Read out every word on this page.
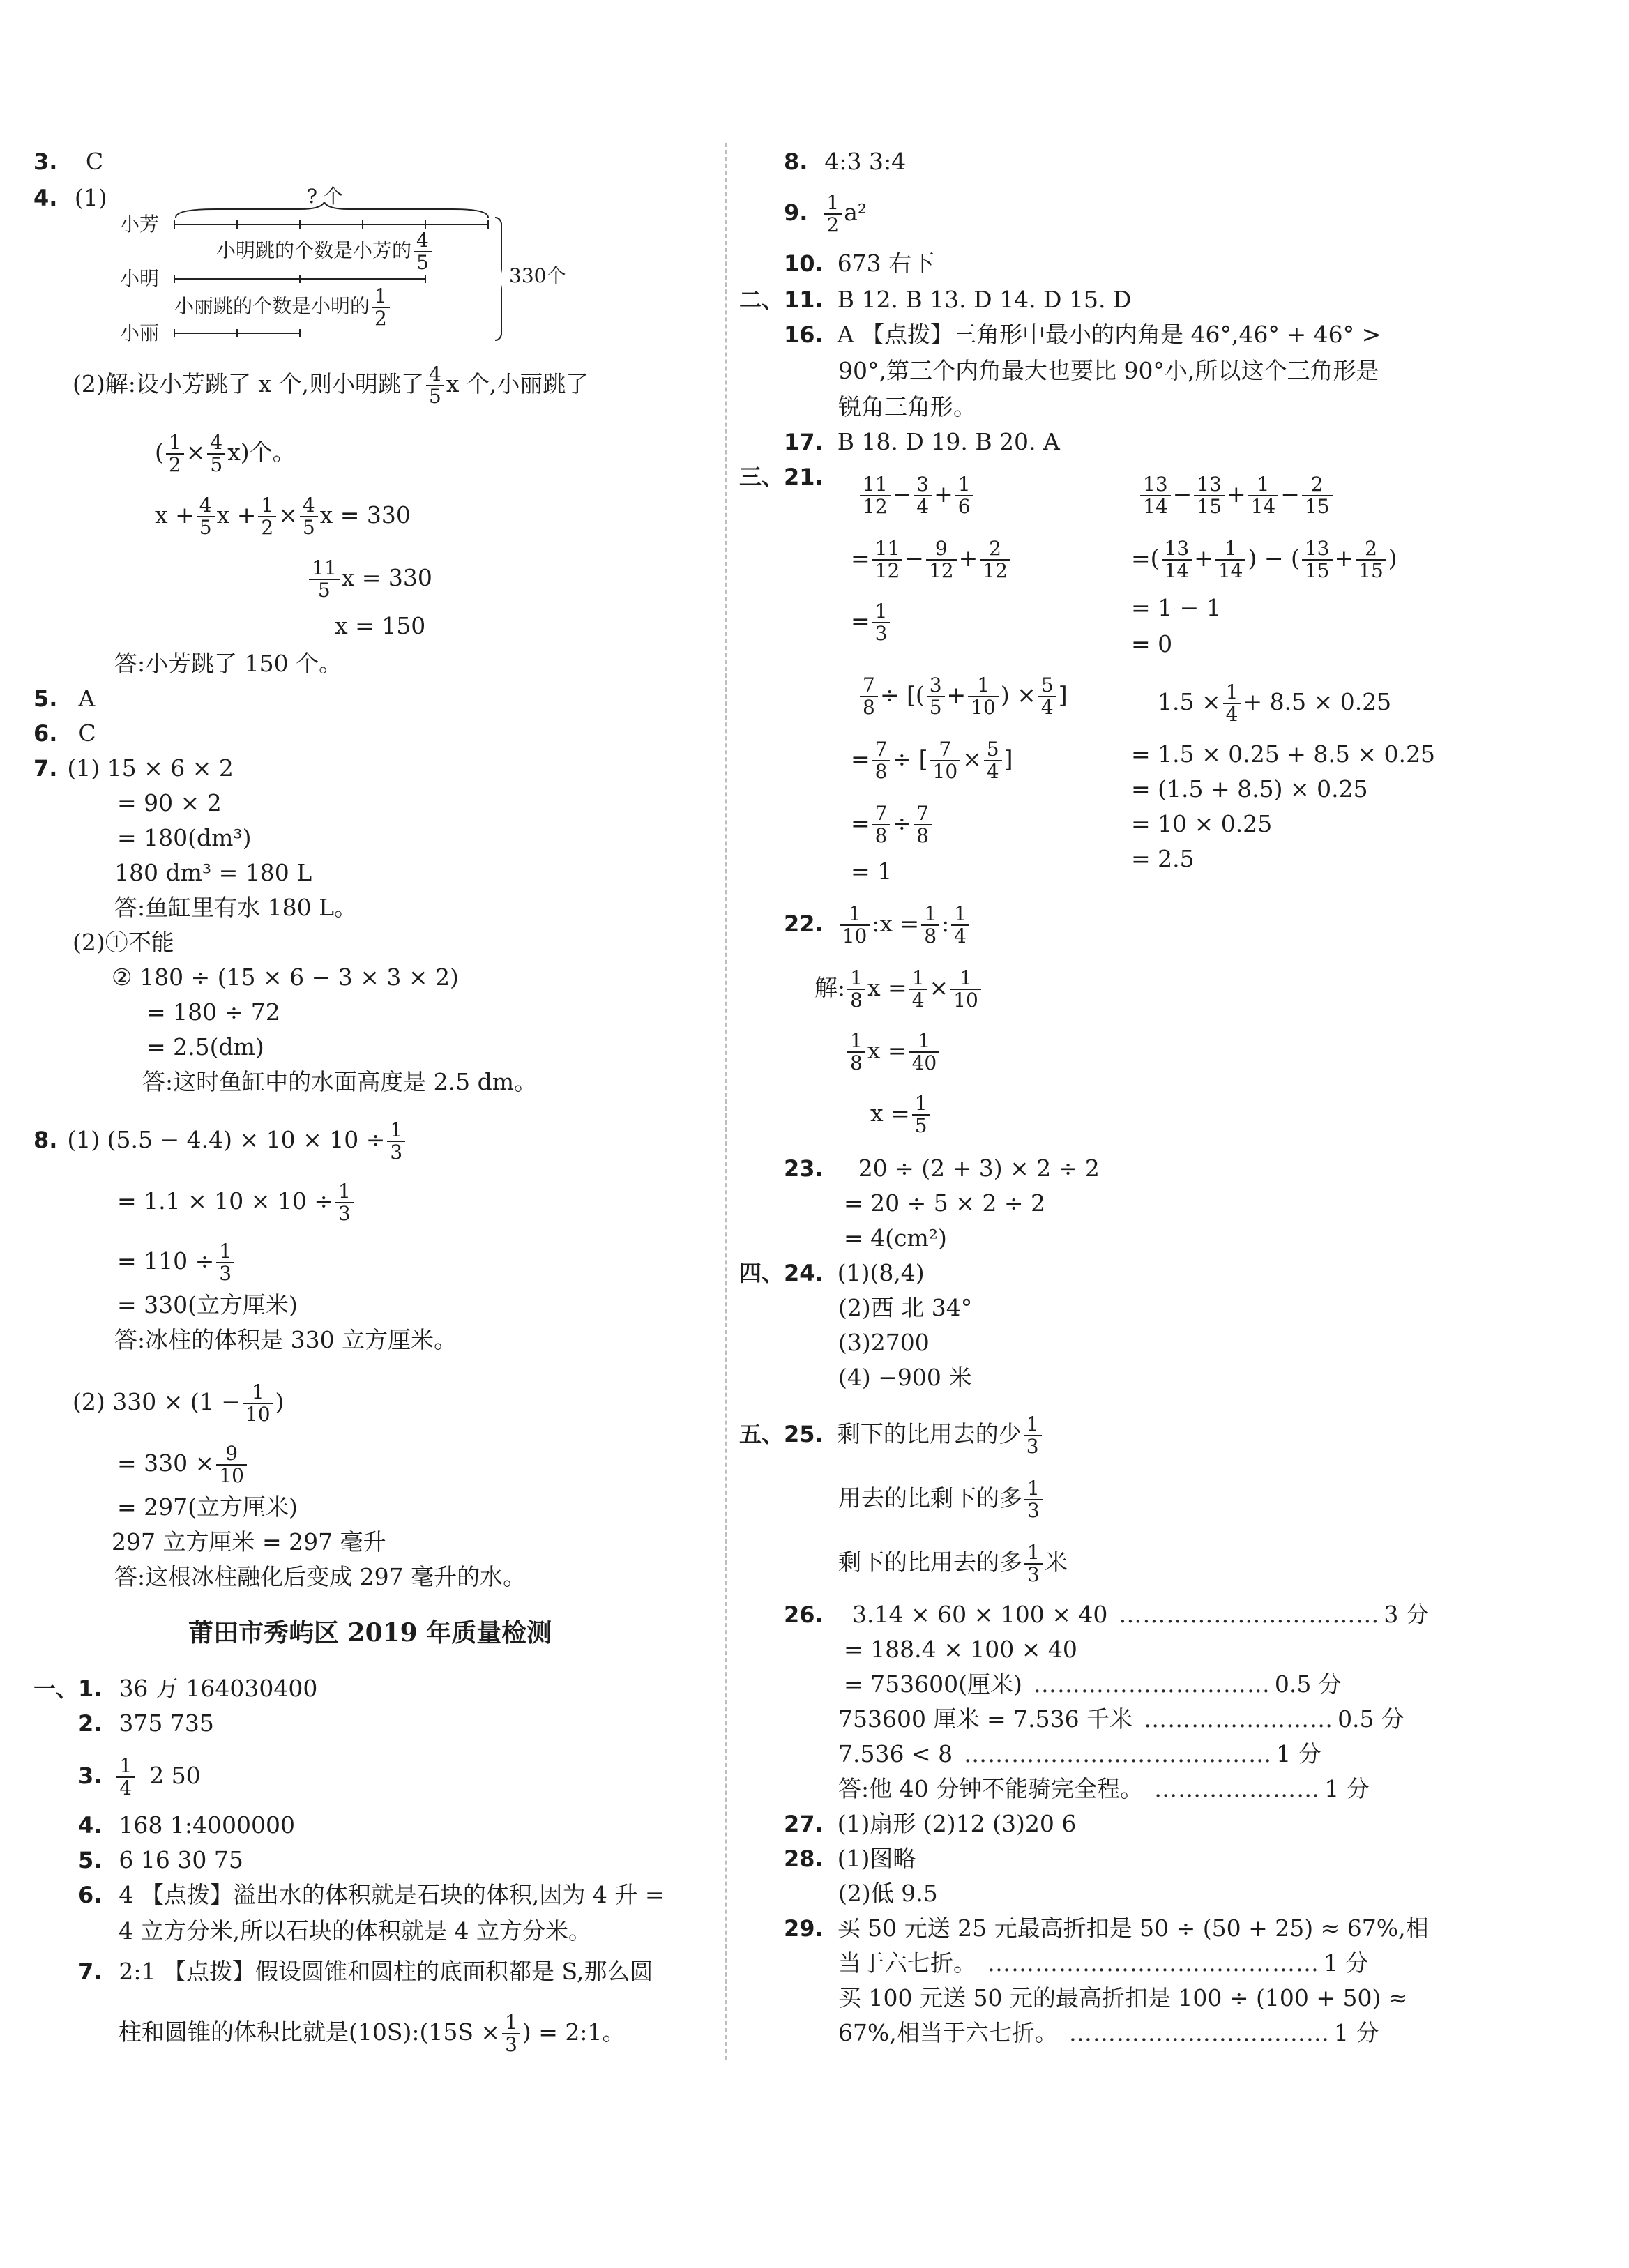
3. C
4. (1)	? 个
小芳
小明
小丽
小明跳的个数是小芳的 $\frac{4}{5}$
小丽跳的个数是小明的 $\frac{1}{2}$
330个
(2)解:设小芳跳了 x 个,则小明跳了 $\frac{4}{5}$ x 个,小丽跳了
( $\frac{1}{2} \times \frac{4}{5} x$)个。
$x + \frac{4}{5}$ $x + \frac{1}{2} \times \frac{4}{5}$ x = 330
$\frac{11}{5}$ x = 330
x = 150
答:小芳跳了 150 个。
5. A
6. C
7. (1) 15 × 6 × 2
= 90 × 2
= 180(dm³)
180 dm³ = 180 L
答:鱼缸里有水 180 L。
(2)①不能
② 180 ÷ (15 × 6 − 3 × 3 × 2)
= 180 ÷ 72
= 2.5(dm)
答:这时鱼缸中的水面高度是 2.5 dm。
8. (1) $(5.5 - 4.4) \times 10 \times 10 \div \frac{1}{3}$
= $1.1 \times 10 \times 10 \div \frac{1}{3}$
= $110 \div \frac{1}{3}$
= 330(立方厘米)
答:冰柱的体积是 330 立方厘米。
(2) $330 \times (1 - \frac{1}{10}$ )
= $330 \times \frac{9}{10}$
= 297(立方厘米)
297 立方厘米 = 297 毫升
答:这根冰柱融化后变成 297 毫升的水。
莆田市秀屿区 2019 年质量检测
一、1. 36 万 164030400
2. 375 735
3. $\frac{1}{4} 2$ 50
4. 168 1:4000000
5. 6 16 30 75
6. 4 【点拨】溢出水的体积就是石块的体积,因为 4 升 =
4 立方分米,所以石块的体积就是 4 立方分米。
7. 2:1 【点拨】假设圆锥和圆柱的底面积都是 S,那么圆
柱和圆锥的体积比就是(10S):(15S × $\frac{1}{3}$ ) = 2:1。
8. 4:3 3:4
9. $\frac{1}{2} a^2$
10. 673 右下
二、11. B 12. B 13. D 14. D 15. D
16. A 【点拨】三角形中最小的内角是 46°,46° + 46° >
90°,第三个内角最大也要比 90°小,所以这个三角形是
锐角三角形。
17. B 18. D 19. B 20. A
三、21. $\frac{11}{12} - \frac{3}{4} + \frac{1}{6}$
= $\frac{11}{12} - \frac{9}{12} + \frac{2}{12}$
= $\frac{1}{3}$
$\frac{13}{14} - \frac{13}{15} + \frac{1}{14} - \frac{2}{15}$
=( $\frac{13}{14} + \frac{1}{14}$ ) − ( $\frac{13}{15} + \frac{2}{15}$ )
= 1 − 1
= 0
$\frac{7}{8}$ ÷ [( $\frac{3}{5} + \frac{1}{10}$ ) × $\frac{5}{4}$ ]
= $\frac{7}{8}$ ÷ [ $\frac{7}{10} \times \frac{5}{4}$ ]
= $\frac{7}{8} \div \frac{7}{8}$
= 1
$1.5 \times \frac{1}{4} + 8.5 \times 0.25$
= 1.5 × 0.25 + 8.5 × 0.25
= (1.5 + 8.5) × 0.25
= 10 × 0.25
= 2.5
22. $\frac{1}{10}$ :x = $\frac{1}{8}$ : $\frac{1}{4}$
解: $\frac{1}{8}$ $x = \frac{1}{4} \times \frac{1}{10}$
$\frac{1}{8}$ $x = \frac{1}{40}$
$x = \frac{1}{5}$
23. 20 ÷ (2 + 3) × 2 ÷ 2
= 20 ÷ 5 × 2 ÷ 2
= 4(cm²)
四、24. (1)(8,4)
(2)西 北 34°
(3)2700
(4) −900 米
五、25. 剩下的比用去的少 $\frac{1}{3}$
用去的比剩下的多 $\frac{1}{3}$
剩下的比用去的多 $\frac{1}{3}$ 米
26. 3.14 × 60 × 100 × 40 …………………………… 3 分
= 188.4 × 100 × 40
= 753600(厘米) ………………………… 0.5 分
753600 厘米 = 7.536 千米 …………………… 0.5 分
7.536 < 8 ………………………………… 1 分
答:他 40 分钟不能骑完全程。 ………………… 1 分
27. (1)扇形 (2)12 (3)20 6
28. (1)图略
(2)低 9.5
29. 买 50 元送 25 元最高折扣是 50 ÷ (50 + 25) ≈ 67%,相
当于六七折。 …………………………………… 1 分
买 100 元送 50 元的最高折扣是 100 ÷ (100 + 50) ≈
67%,相当于六七折。 …………………………… 1 分
